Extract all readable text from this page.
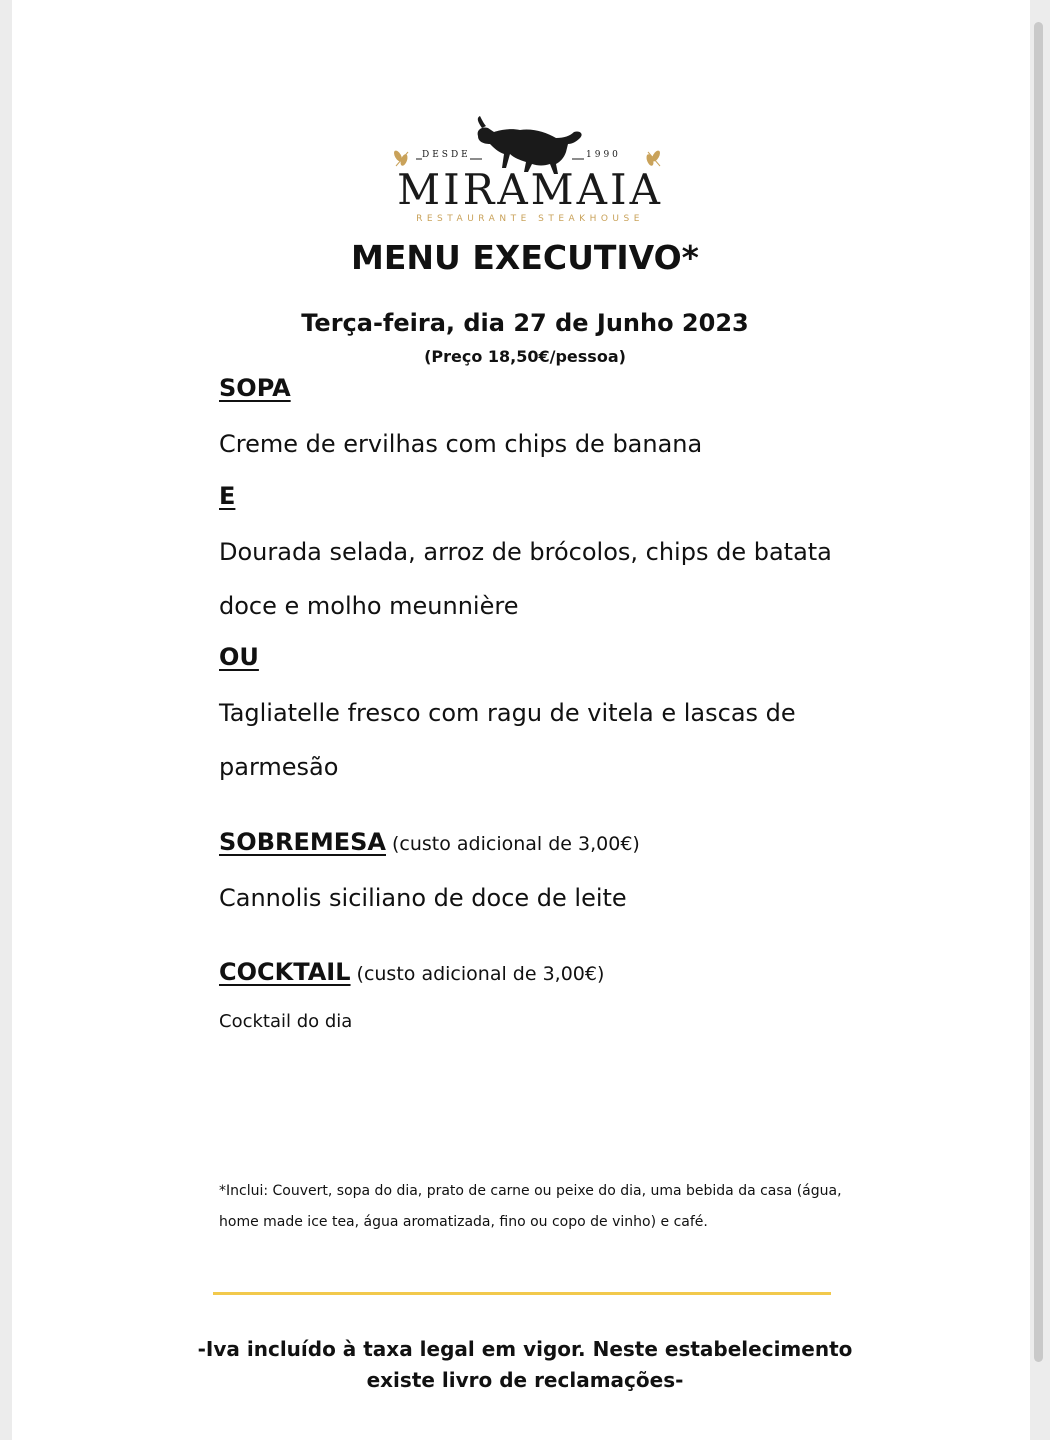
DESDE	1990
MIRAMAIA
RESTAURANTE STEAKHOUSE
MENU EXECUTIVO*
Terça-feira, dia 27 de Junho 2023
(Preço 18,50€/pessoa)
SOPA
Creme de ervilhas com chips de banana
E
Dourada selada, arroz de brócolos, chips de batata doce e molho meunnière
OU
Tagliatelle fresco com ragu de vitela e lascas de parmesão
SOBREMESA (custo adicional de 3,00€)
Cannolis siciliano de doce de leite
COCKTAIL (custo adicional de 3,00€)
Cocktail do dia
*Inclui: Couvert, sopa do dia, prato de carne ou peixe do dia, uma bebida da casa (água, home made ice tea, água aromatizada, fino ou copo de vinho) e café.
-Iva incluído à taxa legal em vigor. Neste estabelecimento
existe livro de reclamações-
